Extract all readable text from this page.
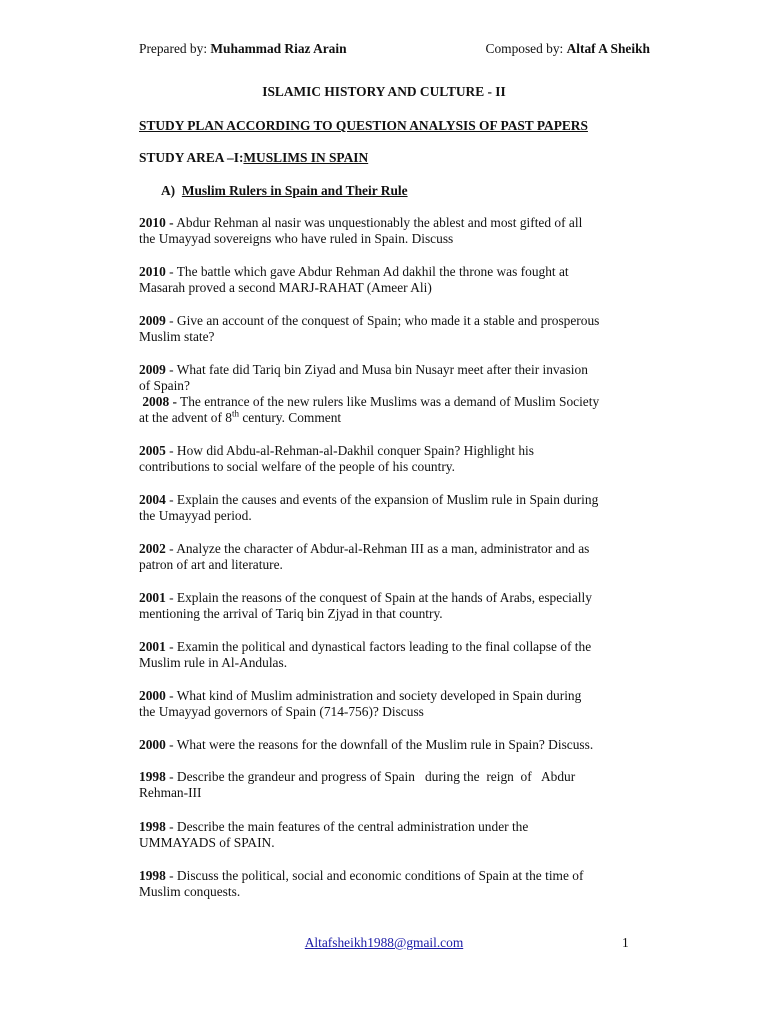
Prepared by: Muhammad Riaz Arain	Composed by: Altaf A Sheikh
ISLAMIC HISTORY AND CULTURE - II
STUDY PLAN ACCORDING TO QUESTION ANALYSIS OF PAST PAPERS
STUDY AREA –I:MUSLIMS IN SPAIN
A) Muslim Rulers in Spain and Their Rule
2010 - Abdur Rehman al nasir was unquestionably the ablest and most gifted of all
the Umayyad sovereigns who have ruled in Spain. Discuss
2010 - The battle which gave Abdur Rehman Ad dakhil the throne was fought at
Masarah proved a second MARJ-RAHAT (Ameer Ali)
2009 - Give an account of the conquest of Spain; who made it a stable and prosperous
Muslim state?
2009 - What fate did Tariq bin Ziyad and Musa bin Nusayr meet after their invasion
of Spain?
2008 - The entrance of the new rulers like Muslims was a demand of Muslim Society
at the advent of 8th century. Comment
2005 - How did Abdu-al-Rehman-al-Dakhil conquer Spain? Highlight his
contributions to social welfare of the people of his country.
2004 - Explain the causes and events of the expansion of Muslim rule in Spain during
the Umayyad period.
2002 - Analyze the character of Abdur-al-Rehman III as a man, administrator and as
patron of art and literature.
2001 - Explain the reasons of the conquest of Spain at the hands of Arabs, especially
mentioning the arrival of Tariq bin Zjyad in that country.
2001 - Examin the political and dynastical factors leading to the final collapse of the
Muslim rule in Al-Andulas.
2000 - What kind of Muslim administration and society developed in Spain during
the Umayyad governors of Spain (714-756)? Discuss
2000 - What were the reasons for the downfall of the Muslim rule in Spain? Discuss.
1998 - Describe the grandeur and progress of Spain   during the  reign  of   Abdur
Rehman-III
1998 - Describe the main features of the central administration under the
UMMAYADS of SPAIN.
1998 - Discuss the political, social and economic conditions of Spain at the time of
Muslim conquests.
Altafsheikh1988@gmail.com	1
